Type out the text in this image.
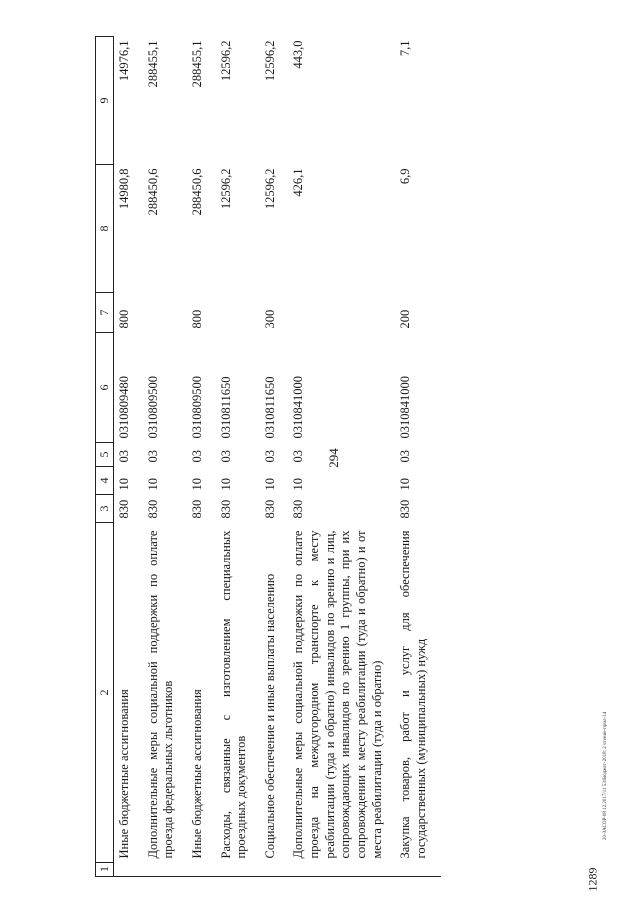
294
1	2	3	4	5	6	7	8	9
	Иные бюджетные ассигнования	830	10	03	0310809480	800	14980,8	14976,1
	Дополнительные меры социальной поддержки по оплате проезда федеральных льготников	830	10	03	0310809500		288450,6	288455,1
	Иные бюджетные ассигнования	830	10	03	0310809500	800	288450,6	288455,1
	Расходы, связанные с изготовлением специальных проездных документов	830	10	03	0310811650		12596,2	12596,2
	Социальное обеспечение и иные выплаты населению	830	10	03	0310811650	300	12596,2	12596,2
	Дополнительные меры социальной поддержки по оплате проезда на междугородном транспорте к месту реабилитации (туда и обратно) инвалидов по зрению и лиц, сопровождающих инвалидов по зрению 1 группы, при их сопровождении к месту реабилитации (туда и обратно) и от места реабилитации (туда и обратно)	830	10	03	0310841000		426,1	443,0
	Закупка товаров, работ и услуг для обеспечения государственных (муниципальных) нужд	830	10	03	0310841000	200	6,9	7,1
20-ЗАСОР-08 12.2017/11 53/Бюджет-2018: 2 чтение-прил-14
1289
